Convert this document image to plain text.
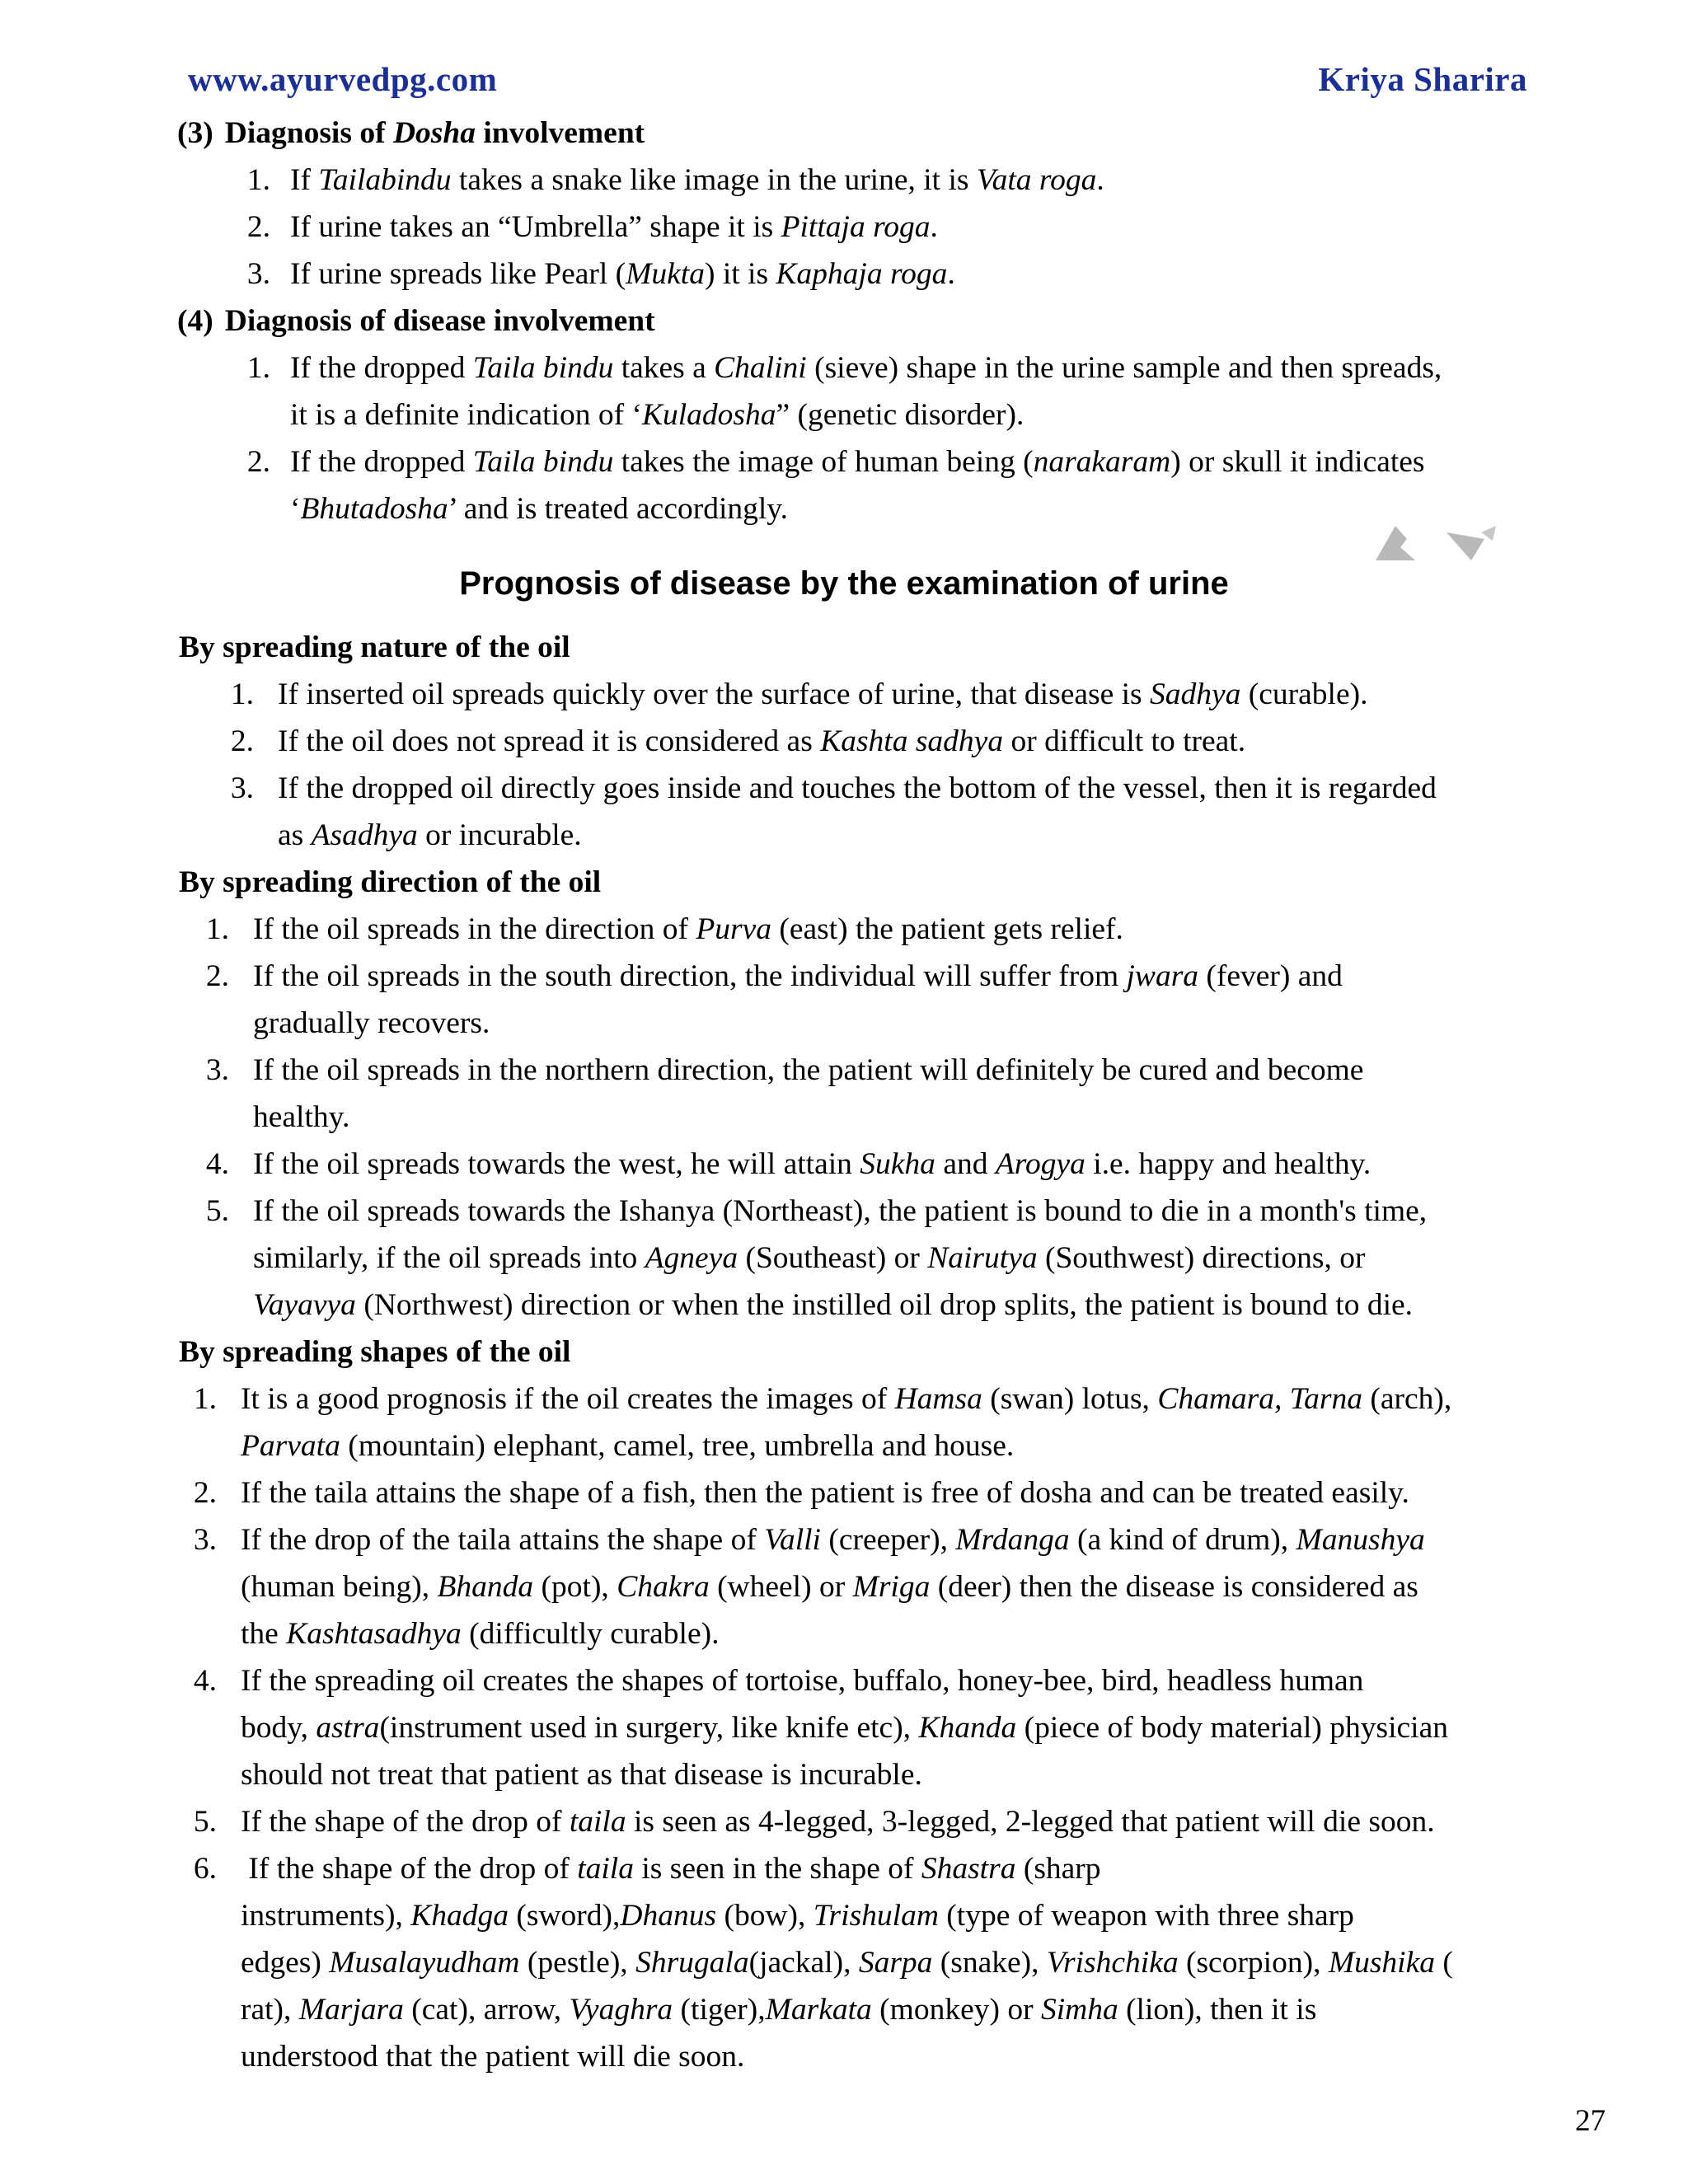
www.ayurvedpg.com	Kriya Sharira
(3) Diagnosis of Dosha involvement
1. If Tailabindu takes a snake like image in the urine, it is Vata roga.
2. If urine takes an “Umbrella” shape it is Pittaja roga.
3. If urine spreads like Pearl (Mukta) it is Kaphaja roga.
(4) Diagnosis of disease involvement
1. If the dropped Taila bindu takes a Chalini (sieve) shape in the urine sample and then spreads,
it is a definite indication of ‘Kuladosha” (genetic disorder).
2. If the dropped Taila bindu takes the image of human being (narakaram) or skull it indicates
‘Bhutadosha’ and is treated accordingly.
Prognosis of disease by the examination of urine
By spreading nature of the oil
1. If inserted oil spreads quickly over the surface of urine, that disease is Sadhya (curable).
2. If the oil does not spread it is considered as Kashta sadhya or difficult to treat.
3. If the dropped oil directly goes inside and touches the bottom of the vessel, then it is regarded
as Asadhya or incurable.
By spreading direction of the oil
1. If the oil spreads in the direction of Purva (east) the patient gets relief.
2. If the oil spreads in the south direction, the individual will suffer from jwara (fever) and
gradually recovers.
3. If the oil spreads in the northern direction, the patient will definitely be cured and become
healthy.
4. If the oil spreads towards the west, he will attain Sukha and Arogya i.e. happy and healthy.
5. If the oil spreads towards the Ishanya (Northeast), the patient is bound to die in a month's time,
similarly, if the oil spreads into Agneya (Southeast) or Nairutya (Southwest) directions, or
Vayavya (Northwest) direction or when the instilled oil drop splits, the patient is bound to die.
By spreading shapes of the oil
1. It is a good prognosis if the oil creates the images of Hamsa (swan) lotus, Chamara, Tarna (arch),
Parvata (mountain) elephant, camel, tree, umbrella and house.
2. If the taila attains the shape of a fish, then the patient is free of dosha and can be treated easily.
3. If the drop of the taila attains the shape of Valli (creeper), Mrdanga (a kind of drum), Manushya
(human being), Bhanda (pot), Chakra (wheel) or Mriga (deer) then the disease is considered as
the Kashtasadhya (difficultly curable).
4. If the spreading oil creates the shapes of tortoise, buffalo, honey-bee, bird, headless human
body, astra(instrument used in surgery, like knife etc), Khanda (piece of body material) physician
should not treat that patient as that disease is incurable.
5. If the shape of the drop of taila is seen as 4-legged, 3-legged, 2-legged that patient will die soon.
6. If the shape of the drop of taila is seen in the shape of Shastra (sharp
instruments), Khadga (sword),Dhanus (bow), Trishulam (type of weapon with three sharp
edges) Musalayudham (pestle), Shrugala(jackal), Sarpa (snake), Vrishchika (scorpion), Mushika (
rat), Marjara (cat), arrow, Vyaghra (tiger),Markata (monkey) or Simha (lion), then it is
understood that the patient will die soon.
27
